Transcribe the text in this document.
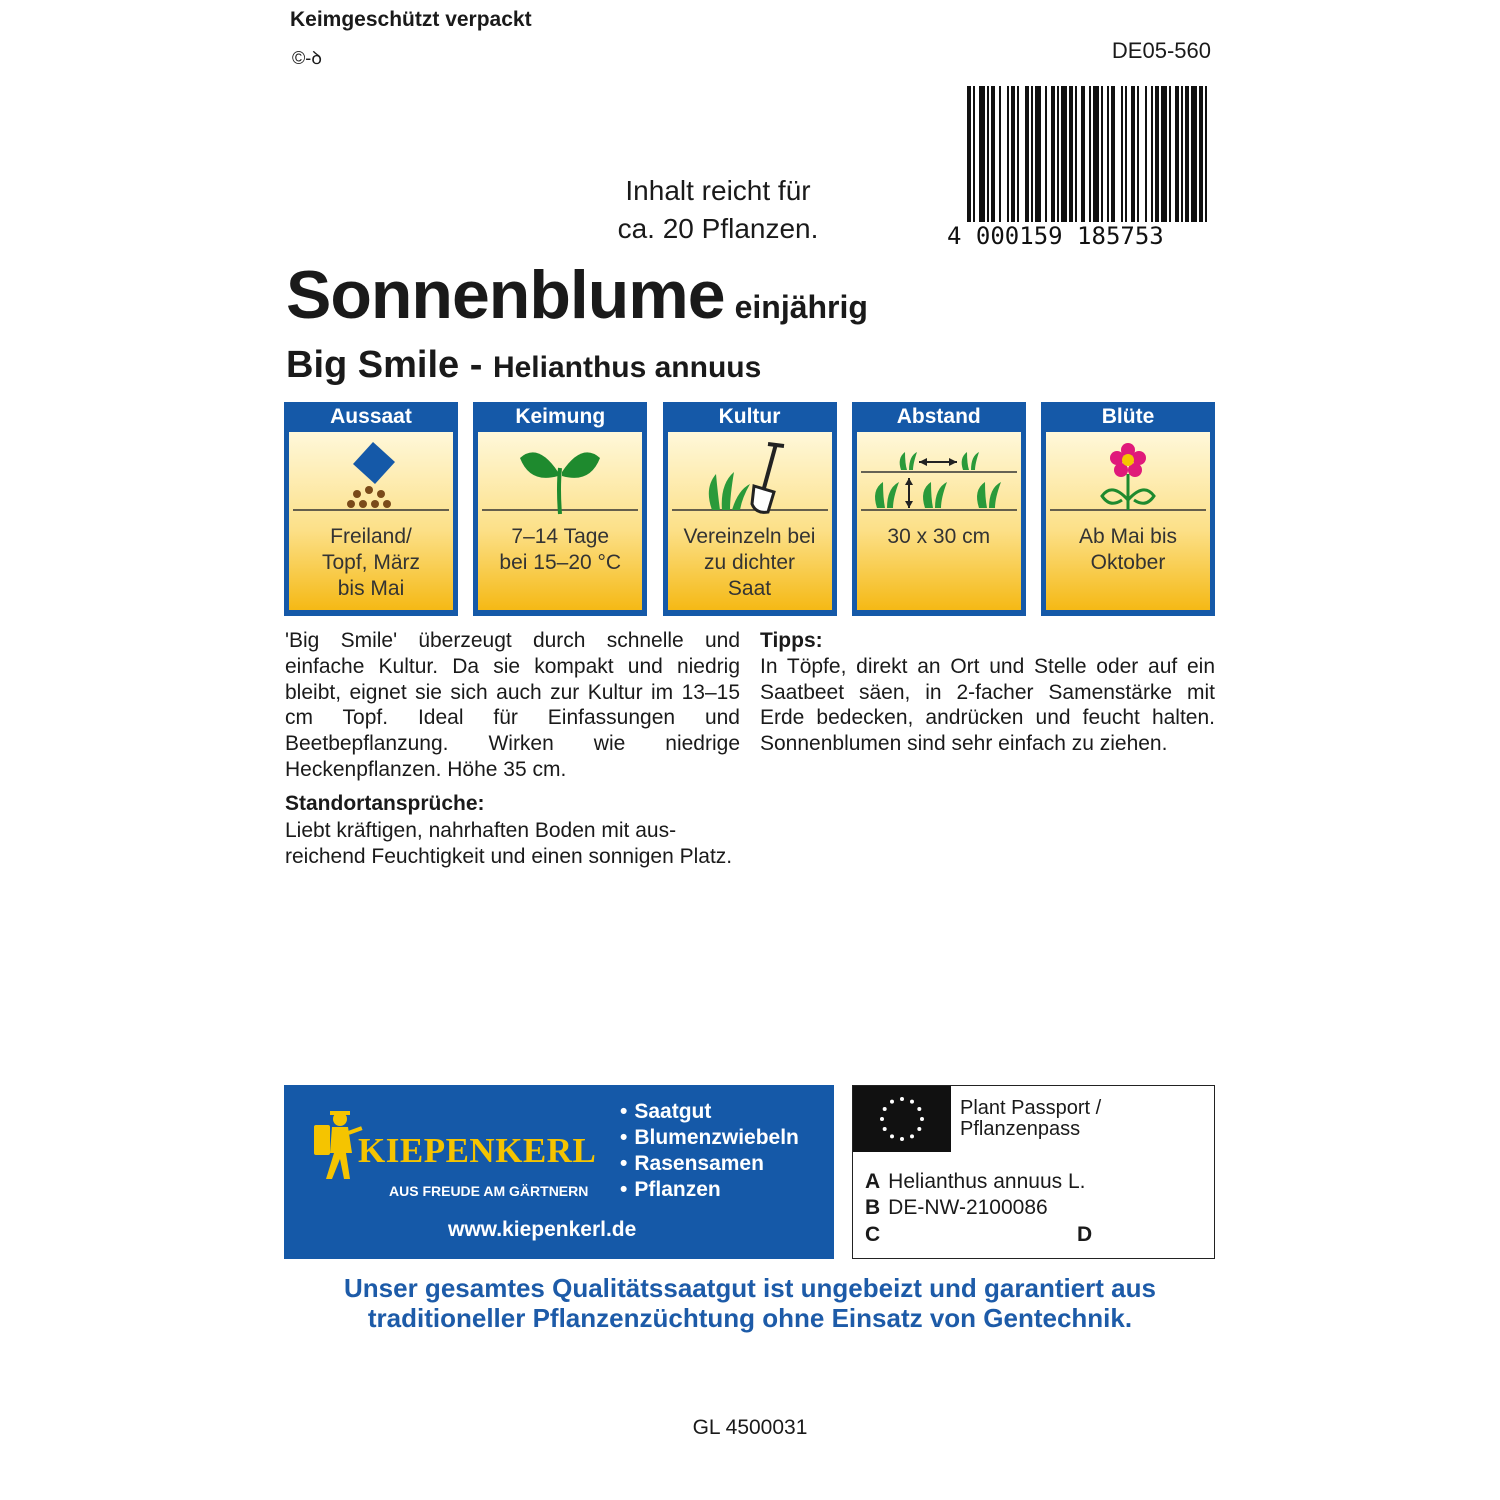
Keimgeschützt verpackt
©-ꝺ	DE05-560
Inhalt reicht für
ca. 20 Pflanzen.	4 000159 185753
Sonnenblume einjährig
Big Smile - Helianthus annuus
Aussaat
Freiland/
Topf, März
bis Mai
Keimung
7–14 Tage
bei 15–20 °C
Kultur
Vereinzeln bei
zu dichter
Saat
Abstand
30 x 30 cm
Blüte
Ab Mai bis
Oktober
'Big Smile' überzeugt durch schnelle und einfache Kultur. Da sie kompakt und niedrig bleibt, eignet sie sich auch zur Kultur im 13–15 cm Topf. Ideal für Einfassungen und Beetbepflanzung. Wirken wie niedrige Heckenpflanzen. Höhe 35 cm.
Standortansprüche:
Liebt kräftigen, nahrhaften Boden mit ausreichend Feuchtigkeit und einen sonnigen Platz.
Tipps:
In Töpfe, direkt an Ort und Stelle oder auf ein Saatbeet säen, in 2-facher Samenstärke mit Erde bedecken, andrücken und feucht halten. Sonnenblumen sind sehr einfach zu ziehen.
KIEPENKERL
AUS FREUDE AM GÄRTNERN
• Saatgut
• Blumenzwiebeln
• Rasensamen
• Pflanzen
www.kiepenkerl.de
Plant Passport /
Pflanzenpass
A Helianthus annuus L.
B DE-NW-2100086
C	D
Unser gesamtes Qualitätssaatgut ist ungebeizt und garantiert aus
traditioneller Pflanzenzüchtung ohne Einsatz von Gentechnik.
GL 4500031
